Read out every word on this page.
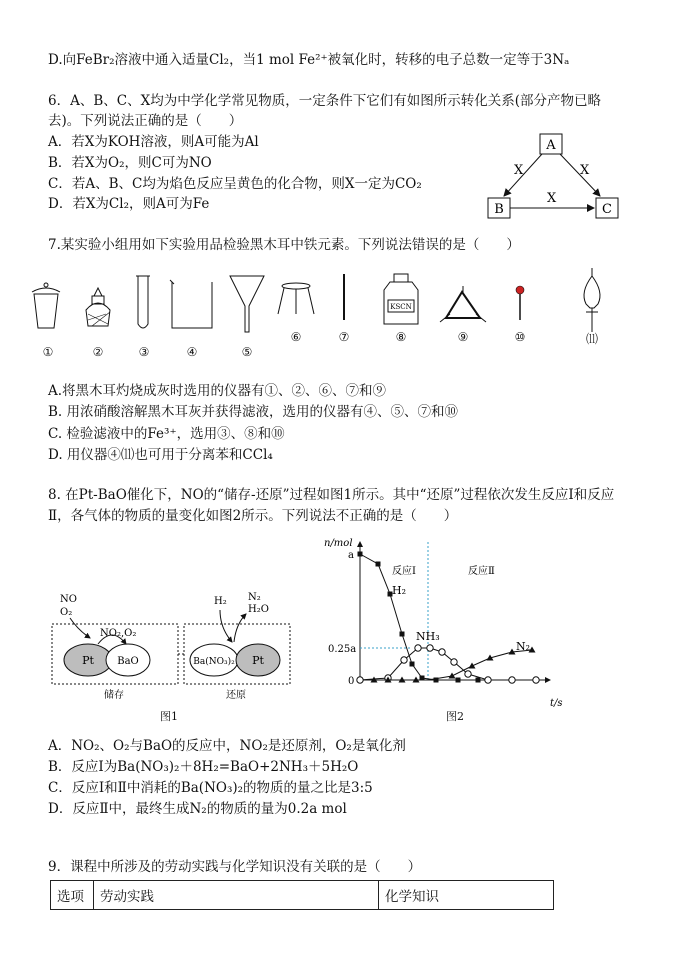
D.向FeBr₂溶液中通入适量Cl₂，当1 mol Fe²⁺被氧化时，转移的电子总数一定等于3Nₐ
6．A、B、C、X均为中学化学常见物质，一定条件下它们有如图所示转化关系(部分产物已略
去)。下列说法正确的是（　　）
A．若X为KOH溶液，则A可能为Al
B．若X为O₂，则C可为NO
C．若A、B、C均为焰色反应呈黄色的化合物，则X一定为CO₂
D．若X为Cl₂，则A可为Fe
A
B	C
X	X
X
7.某实验小组用如下实验用品检验黑木耳中铁元素。下列说法错误的是（　　）
KSCN
①	②	③	④	⑤
⑥	⑦	⑧	⑨	⑩	⑾
A.将黑木耳灼烧成灰时选用的仪器有①、②、⑥、⑦和⑨
B. 用浓硝酸溶解黑木耳灰并获得滤液，选用的仪器有④、⑤、⑦和⑩
C. 检验滤液中的Fe³⁺，选用③、⑧和⑩
D. 用仪器④⑾也可用于分离苯和CCl₄
8. 在Pt-BaO催化下，NO的“储存-还原”过程如图1所示。其中“还原”过程依次发生反应Ⅰ和反应
Ⅱ，各气体的物质的量变化如图2所示。下列说法不正确的是（　　）
NO
O₂
NO₂,O₂
Pt BaO
储存
H₂ N₂
H₂O
Ba(NO₃)₂ Pt
还原
图1
n/mol
t/s
a
0.25a
0
反应Ⅰ	反应Ⅱ
H₂
NH₃
N₂
图2
A．NO₂、O₂与BaO的反应中，NO₂是还原剂，O₂是氧化剂
B．反应Ⅰ为Ba(NO₃)₂＋8H₂=BaO+2NH₃＋5H₂O
C．反应Ⅰ和Ⅱ中消耗的Ba(NO₃)₂的物质的量之比是3:5
D．反应Ⅱ中，最终生成N₂的物质的量为0.2a mol
9．课程中所涉及的劳动实践与化学知识没有关联的是（　　）
选项	劳动实践	化学知识
